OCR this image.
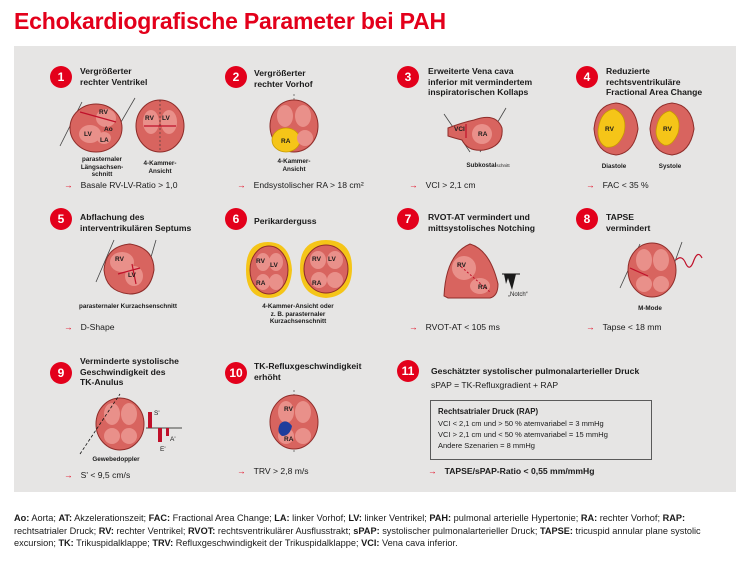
Echokardiografische Parameter bei PAH
1	Vergrößerter
rechter Ventrikel
RV
LV
Ao
LA
RV LV
parasternaler
Längsachsen-
schnitt
4-Kammer-
Ansicht
→ Basale RV-LV-Ratio > 1,0
2	Vergrößerter
rechter Vorhof
RA
4-Kammer-
Ansicht
→ Endsystolischer RA > 18 cm²
3	Erweiterte Vena cava
inferior mit vermindertem
inspiratorischen Kollaps
VCI
RA
Subkostalschnitt
→ VCI > 2,1 cm
4	Reduzierte
rechtsventrikuläre
Fractional Area Change
RV	RV
Diastole	Systole
→ FAC < 35 %
5	Abflachung des
interventrikulären Septums
RV
LV
parasternaler Kurzachsenschnitt
→ D-Shape
6	Perikarderguss
RV
LV
RA
RV LV
RA
4-Kammer-Ansicht oder
z. B. parasternaler
Kurzachsenschnitt
7	RVOT-AT vermindert und
mittsystolisches Notching
RV
RA
„Notch“
→ RVOT-AT < 105 ms
8	TAPSE
vermindert
M-Mode
→ Tapse < 18 mm
9
Verminderte systolische
Geschwindigkeit des
TK-Anulus
S'
A'
E'
Gewebedoppler
→ S' < 9,5 cm/s
10	TK-Refluxgeschwindigkeit
erhöht
RV
RA
→ TRV > 2,8 m/s
11	Geschätzter systolischer pulmonalarterieller Druck
sPAP = TK-Refluxgradient + RAP
Rechtsatrialer Druck (RAP)
VCI < 2,1 cm und > 50 % atemvariabel = 3 mmHg
VCI > 2,1 cm und < 50 % atemvariabel = 15 mmHg
Andere Szenarien = 8 mmHg
→ TAPSE/sPAP-Ratio < 0,55 mm/mmHg
Ao: Aorta; AT: Akzelerationszeit; FAC: Fractional Area Change; LA: linker Vorhof; LV: linker Ventrikel; PAH: pulmonal arterielle Hypertonie; RA: rechter Vorhof; RAP: rechtsatrialer Druck; RV: rechter Ventrikel; RVOT: rechtsventrikulärer Ausflusstrakt; sPAP: systolischer pulmonalarterieller Druck; TAPSE: tricuspid annular plane systolic excursion; TK: Trikuspidalklappe; TRV: Refluxgeschwindigkeit der Trikuspidalklappe; VCI: Vena cava inferior.
